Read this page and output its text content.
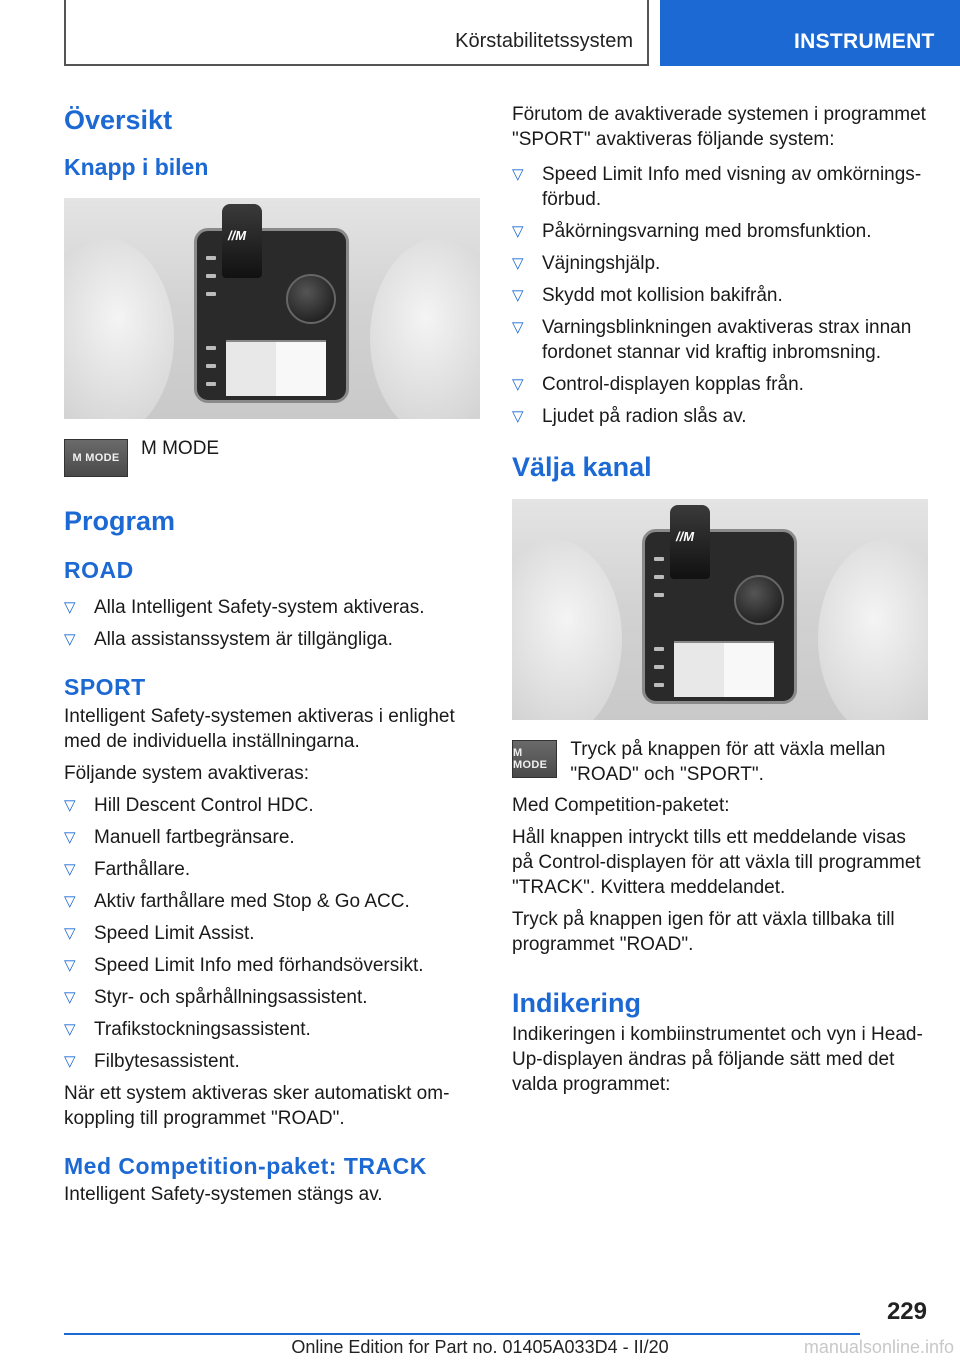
Körstabilitetssystem	INSTRUMENT
Översikt
Knapp i bilen
//M
M MODE	M MODE

Program
ROAD
▽ Alla Intelligent Safety-system aktiveras.
▽ Alla assistanssystem är tillgängliga.
SPORT

Intelligent Safety-systemen aktiveras i enlighet med de individuella inställningarna.

Följande system avaktiveras:

▽ Hill Descent Control HDC.
▽ Manuell fartbegränsare.
▽ Farthållare.
▽ Aktiv farthållare med Stop & Go ACC.
▽ Speed Limit Assist.
▽ Speed Limit Info med förhandsöversikt.
▽ Styr- och spårhållningsassistent.
▽ Trafikstockningsassistent.
▽ Filbytesassistent.

När ett system aktiveras sker automatiskt omkoppling till programmet "ROAD".

Med Competition-paket: TRACK

Intelligent Safety-systemen stängs av.

Förutom de avaktiverade systemen i programmet "SPORT" avaktiveras följande system:

▽ Speed Limit Info med visning av omkörningsförbud.
▽ Påkörningsvarning med bromsfunktion.
▽ Väjningshjälp.
▽ Skydd mot kollision bakifrån.
▽ Varningsblinkningen avaktiveras strax innan fordonet stannar vid kraftig inbromsning.
▽ Control-displayen kopplas från.
▽ Ljudet på radion slås av.
Välja kanal
//M
M MODE

Tryck på knappen för att växla mellan "ROAD" och "SPORT".

Med Competition-paketet:

Håll knappen intryckt tills ett meddelande visas på Control-displayen för att växla till programmet "TRACK". Kvittera meddelandet.

Tryck på knappen igen för att växla tillbaka till programmet "ROAD".

Indikering

Indikeringen i kombiinstrumentet och vyn i Head-Up-displayen ändras på följande sätt med det valda programmet:

229
Online Edition for Part no. 01405A033D4 - II/20	manualsonline.info
